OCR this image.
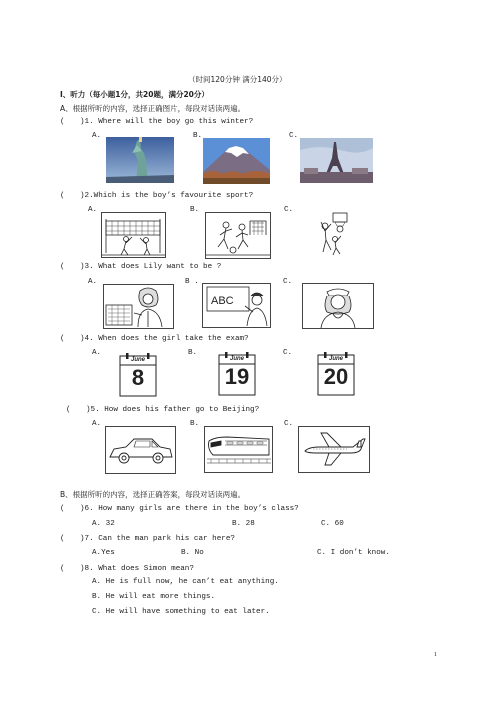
（时间120分钟 满分140分）
Ⅰ、听力（每小题1分，共20题，满分20分）
A、根据所听的内容，选择正确图片，每段对话读两遍。
( )1. Where will the boy go this winter?
A.	B.	C.
( )2.Which is the boy’s favourite sport?
A.	B.	C.
( )3. What does Lily want to be ?
A.	B .	C.
ABC
( )4. When does the girl take the exam?
A.	B.	C.
June
8
June
19
June
20
( )5. How does his father go to Beijing?
A.	B.	C.
B、根据所听的内容，选择正确答案，每段对话读两遍。
( )6. How many girls are there in the boy’s class?
A. 32	B. 28	C. 60
( )7. Can the man park his car here?
A.Yes	B. No	C. I don’t know.
( )8. What does Simon mean?
A. He is full now, he can’t eat anything.
B. He will eat more things.
C. He will have something to eat later.
1
